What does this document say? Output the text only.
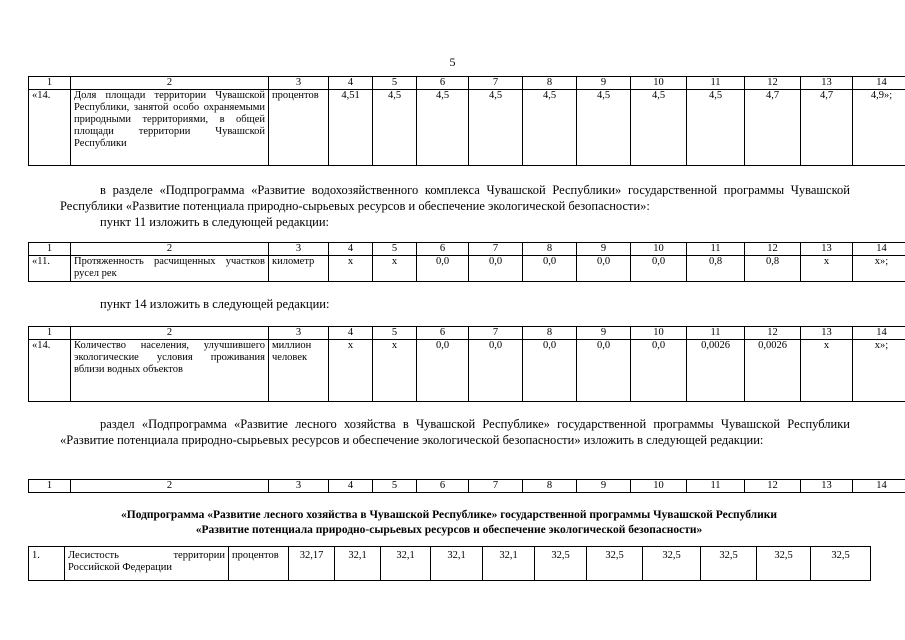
5
1	2	3	4	5	6	7	8	9	10	11	12	13	14
«14.	Доля площади территории Чувашской Республики, занятой особо охраняемыми природными территориями, в общей площади территории Чувашской Республики	процентов	4,51	4,5	4,5	4,5	4,5	4,5	4,5	4,5	4,7	4,7	4,9»;
в разделе «Подпрограмма «Развитие водохозяйственного комплекса Чувашской Республики» государственной программы Чувашской Республики «Развитие потенциала природно-сырьевых ресурсов и обеспечение экологической безопасности»:
пункт 11 изложить в следующей редакции:
1	2	3	4	5	6	7	8	9	10	11	12	13	14
«11.	Протяженность расчищенных участков русел рек	километр	х	х	0,0	0,0	0,0	0,0	0,0	0,8	0,8	х	х»;
пункт 14 изложить в следующей редакции:
1	2	3	4	5	6	7	8	9	10	11	12	13	14
«14.	Количество населения, улучшившего экологические условия проживания вблизи водных объектов	миллион человек	х	х	0,0	0,0	0,0	0,0	0,0	0,0026	0,0026	х	х»;
раздел «Подпрограмма «Развитие лесного хозяйства в Чувашской Республике» государственной программы Чувашской Республики «Развитие потенциала природно-сырьевых ресурсов и обеспечение экологической безопасности» изложить в следующей редакции:
1	2	3	4	5	6	7	8	9	10	11	12	13	14
«Подпрограмма «Развитие лесного хозяйства в Чувашской Республике» государственной программы Чувашской Республики
«Развитие потенциала природно-сырьевых ресурсов и обеспечение экологической безопасности»
1.	Лесистость территории Российской Федерации	процентов	32,17	32,1	32,1	32,1	32,1	32,5	32,5	32,5	32,5	32,5	32,5
